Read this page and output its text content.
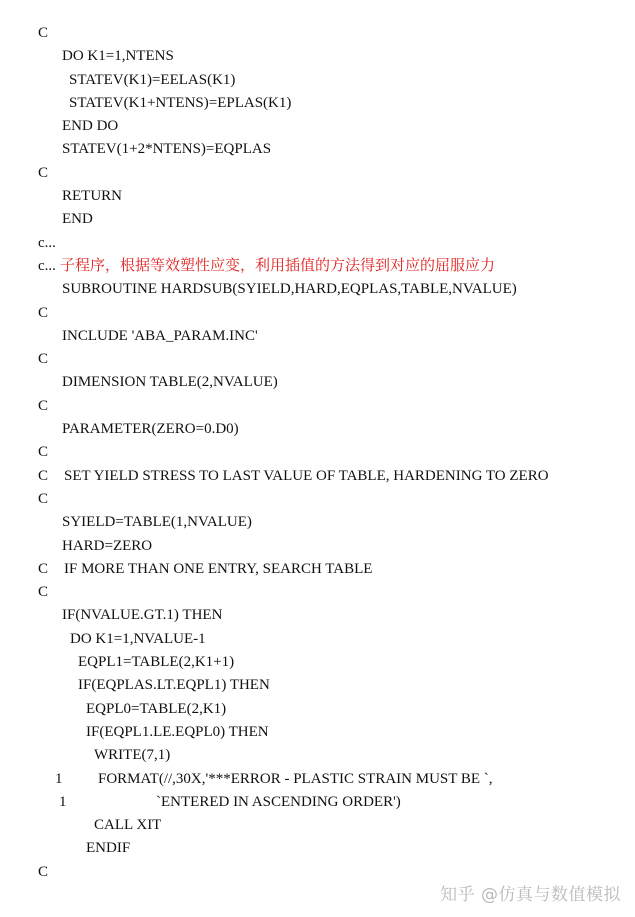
C
DO K1=1,NTENS
STATEV(K1)=EELAS(K1)
STATEV(K1+NTENS)=EPLAS(K1)
END DO
STATEV(1+2*NTENS)=EQPLAS
C
RETURN
END
c...
c... 子程序，根据等效塑性应变，利用插值的方法得到对应的屈服应力
SUBROUTINE HARDSUB(SYIELD,HARD,EQPLAS,TABLE,NVALUE)
C
INCLUDE 'ABA_PARAM.INC'
C
DIMENSION TABLE(2,NVALUE)
C
PARAMETER(ZERO=0.D0)
C
C SET YIELD STRESS TO LAST VALUE OF TABLE, HARDENING TO ZERO
C
SYIELD=TABLE(1,NVALUE)
HARD=ZERO
C IF MORE THAN ONE ENTRY, SEARCH TABLE
C
IF(NVALUE.GT.1) THEN
DO K1=1,NVALUE-1
EQPL1=TABLE(2,K1+1)
IF(EQPLAS.LT.EQPL1) THEN
EQPL0=TABLE(2,K1)
IF(EQPL1.LE.EQPL0) THEN
WRITE(7,1)
1 FORMAT(//,30X,'***ERROR - PLASTIC STRAIN MUST BE `,
1	`ENTERED IN ASCENDING ORDER')
CALL XIT
ENDIF
C
知乎 @仿真与数值模拟
